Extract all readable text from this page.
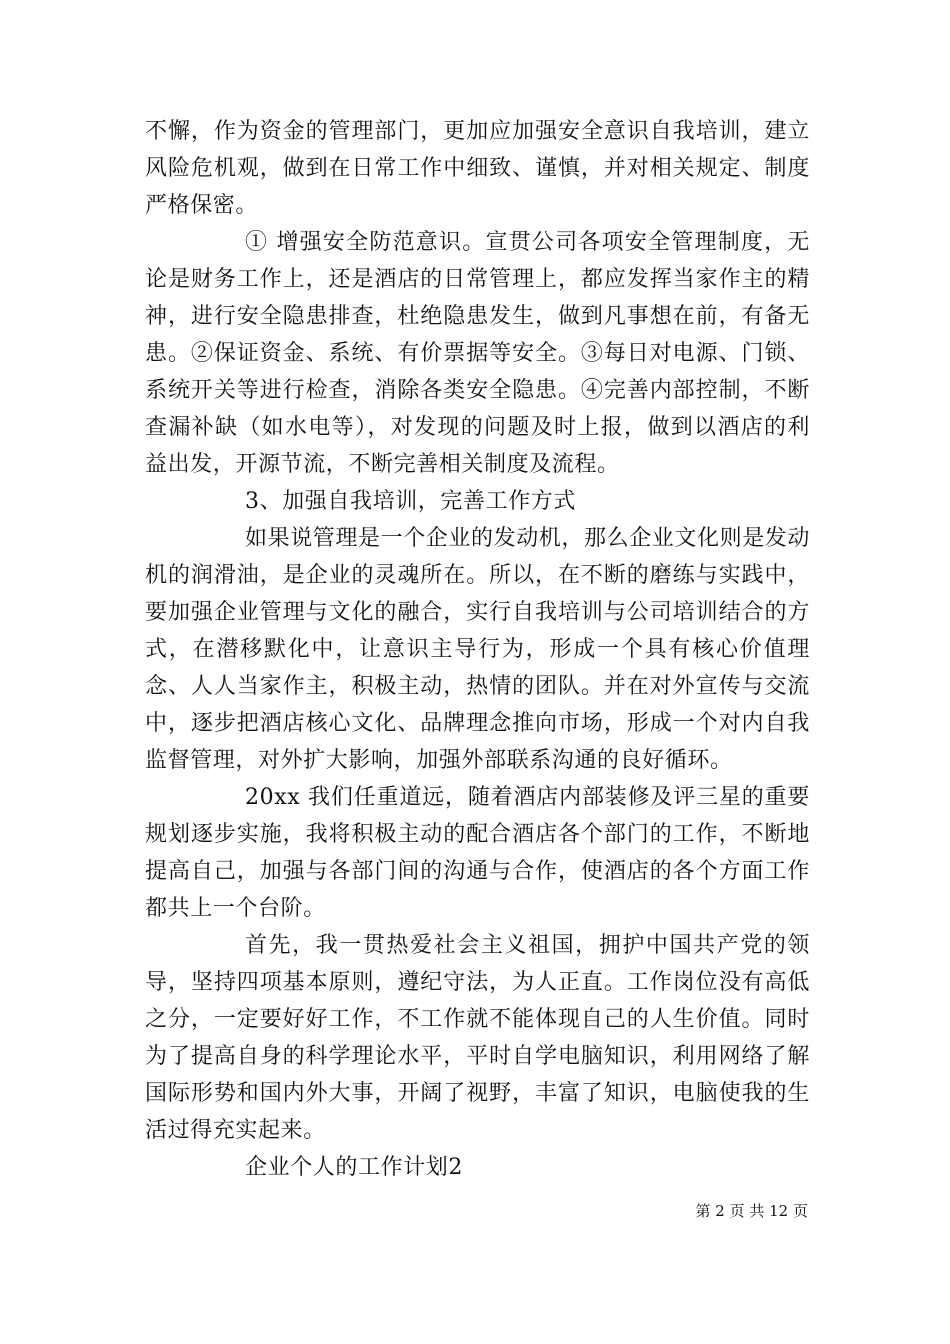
不懈，作为资金的管理部门，更加应加强安全意识自我培训，建立风险危机观，做到在日常工作中细致、谨慎，并对相关规定、制度严格保密。

① 增强安全防范意识。宣贯公司各项安全管理制度，无论是财务工作上，还是酒店的日常管理上，都应发挥当家作主的精神，进行安全隐患排查，杜绝隐患发生，做到凡事想在前，有备无患。②保证资金、系统、有价票据等安全。③每日对电源、门锁、系统开关等进行检查，消除各类安全隐患。④完善内部控制，不断查漏补缺（如水电等），对发现的问题及时上报，做到以酒店的利益出发，开源节流，不断完善相关制度及流程。

3、加强自我培训，完善工作方式

如果说管理是一个企业的发动机，那么企业文化则是发动机的润滑油，是企业的灵魂所在。所以，在不断的磨练与实践中，要加强企业管理与文化的融合，实行自我培训与公司培训结合的方式，在潜移默化中，让意识主导行为，形成一个具有核心价值理念、人人当家作主，积极主动，热情的团队。并在对外宣传与交流中，逐步把酒店核心文化、品牌理念推向市场，形成一个对内自我监督管理，对外扩大影响，加强外部联系沟通的良好循环。

20xx 我们任重道远，随着酒店内部装修及评三星的重要规划逐步实施，我将积极主动的配合酒店各个部门的工作，不断地提高自己，加强与各部门间的沟通与合作，使酒店的各个方面工作都共上一个台阶。

首先，我一贯热爱社会主义祖国，拥护中国共产党的领导，坚持四项基本原则，遵纪守法，为人正直。工作岗位没有高低之分，一定要好好工作，不工作就不能体现自己的人生价值。同时为了提高自身的科学理论水平，平时自学电脑知识，利用网络了解国际形势和国内外大事，开阔了视野，丰富了知识，电脑使我的生活过得充实起来。

企业个人的工作计划2

第 2 页 共 12 页
